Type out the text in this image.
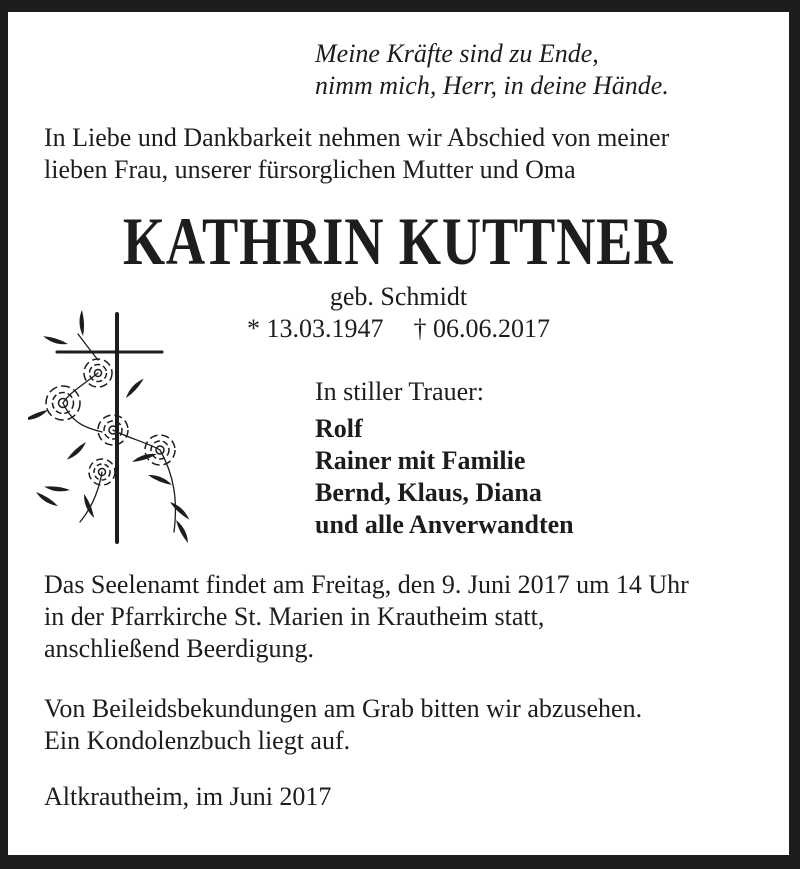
Meine Kräfte sind zu Ende,
nimm mich, Herr, in deine Hände.
In Liebe und Dankbarkeit nehmen wir Abschied von meiner
lieben Frau, unserer fürsorglichen Mutter und Oma
KATHRIN KUTTNER
geb. Schmidt
* 13.03.1947 † 06.06.2017
In stiller Trauer:
Rolf
Rainer mit Familie
Bernd, Klaus, Diana
und alle Anverwandten
Das Seelenamt findet am Freitag, den 9. Juni 2017 um 14 Uhr
in der Pfarrkirche St. Marien in Krautheim statt,
anschließend Beerdigung.
Von Beileidsbekundungen am Grab bitten wir abzusehen.
Ein Kondolenzbuch liegt auf.
Altkrautheim, im Juni 2017
